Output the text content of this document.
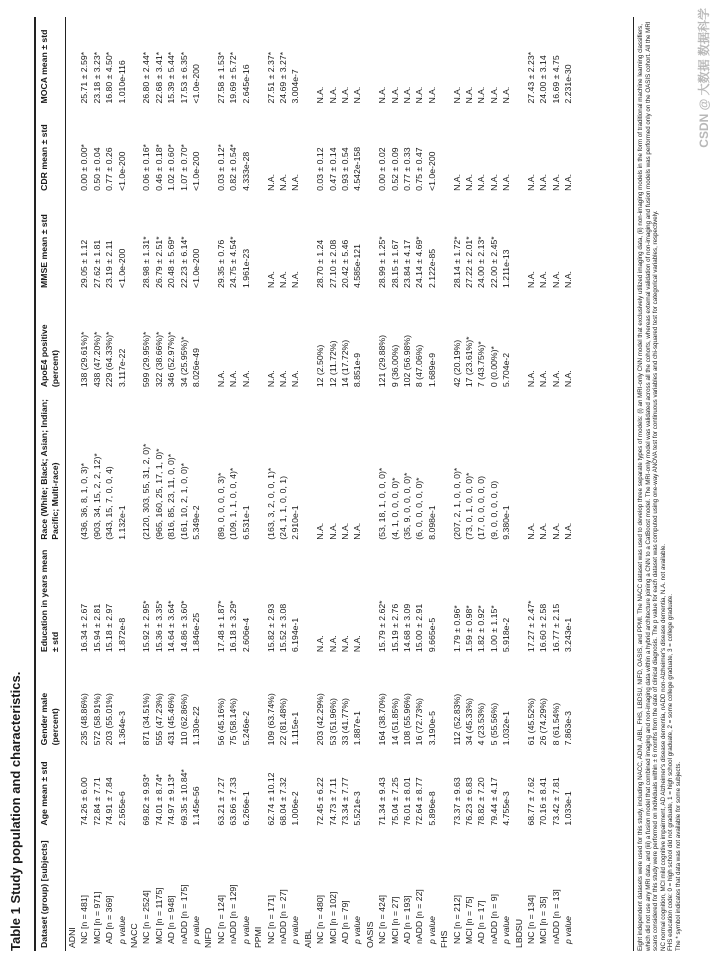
Table 1 Study population and characteristics. Dataset (group) [subjects]	Age mean ± std	Gender male (percent)	Education in years mean ± std	Race (White; Black; Asian; Indian; Pacific; Multi-race)	ApoE4 positive (percent)	MMSE mean ± std	CDR mean ± std	MOCA mean ± std
ADNI								
NC [n = 481]	74.26 ± 6.00	235 (48.86%)	16.34 ± 2.67	(436, 36, 8, 1, 0, 3)*	138 (29.61%)*	29.05 ± 1.12	0.00 ± 0.00*	25.71 ± 2.59*
MCI [n = 971]	72.84 ± 7.71	572 (58.91%)	15.94 ± 2.81	(903, 34, 15, 2, 2, 12)*	438 (47.20%)*	27.62 ± 1.81	0.50 ± 0.04	23.18 ± 3.23*
AD [n = 369]	74.91 ± 7.84	203 (55.01%)	15.18 ± 2.97	(343, 15, 7, 0, 0, 4)	229 (64.33%)*	23.19 ± 2.11	0.77 ± 0.26	16.80 ± 4.50*
p value	2.565e-6	1.364e-3	1.872e-8	1.132e-1	3.117e-22	<1.0e-200	<1.0e-200	1.010e-116
NACC								
NC [n = 2524]	69.82 ± 9.93*	871 (34.51%)	15.92 ± 2.95*	(2120, 303, 55, 31, 2, 0)*	599 (29.95%)*	28.98 ± 1.31*	0.06 ± 0.16*	26.80 ± 2.44*
MCI [n = 1175]	74.01 ± 8.74*	555 (47.23%)	15.36 ± 3.35*	(965, 160, 25, 17, 1, 0)*	322 (38.66%)*	26.79 ± 2.51*	0.46 ± 0.18*	22.68 ± 3.41*
AD [n = 948]	74.97 ± 9.13*	431 (45.46%)	14.64 ± 3.64*	(816, 85, 23, 11, 0, 0)*	346 (52.97%)*	20.48 ± 5.69*	1.02 ± 0.60*	15.39 ± 5.44*
nADD [n = 175]	69.35 ± 10.84*	110 (62.86%)	14.86 ± 3.60*	(161, 10, 2, 1, 0, 0)*	34 (25.95%)*	22.23 ± 6.14*	1.07 ± 0.70*	17.53 ± 6.35*
p value	1.145e-56	1.130e-22	1.846e-25	5.349e-2	8.026e-49	<1.0e-200	<1.0e-200	<1.0e-200
NIFD								
NC [n = 124]	63.21 ± 7.27	56 (45.16%)	17.48 ± 1.87*	(89, 0, 0, 0, 0, 3)*	N.A.	29.35 ± 0.76	0.03 ± 0.12*	27.58 ± 1.53*
nADD [n = 129]	63.66 ± 7.33	75 (58.14%)	16.18 ± 3.29*	(109, 1, 1, 0, 0, 4)*	N.A.	24.75 ± 4.54*	0.82 ± 0.54*	19.69 ± 5.72*
p value	6.266e-1	5.246e-2	2.606e-4	6.531e-1	N.A.	1.961e-23	4.333e-28	2.645e-16
PPMI								
NC [n = 171]	62.74 ± 10.12	109 (63.74%)	15.82 ± 2.93	(163, 3, 2, 0, 0, 1)*	N.A.	N.A.	N.A.	27.51 ± 2.37*
nADD [n = 27]	68.04 ± 7.32	22 (81.48%)	15.52 ± 3.08	(24, 1, 1, 0, 0, 1)	N.A.	N.A.	N.A.	24.69 ± 3.27*
p value	1.006e-2	1.115e-1	6.194e-1	2.910e-1	N.A.	N.A.	N.A.	3.004e-7
AIBL								
NC [n = 480]	72.45 ± 6.22	203 (42.29%)	N.A.	N.A.	12 (2.50%)	28.70 ± 1.24	0.03 ± 0.12	N.A.
MCI [n = 102]	74.73 ± 7.11	53 (51.96%)	N.A.	N.A.	12 (11.72%)	27.10 ± 2.08	0.47 ± 0.14	N.A.
AD [n = 79]	73.34 ± 7.77	33 (41.77%)	N.A.	N.A.	14 (17.72%)	20.42 ± 5.46	0.93 ± 0.54	N.A.
p value	5.521e-3	1.887e-1	N.A.	N.A.	8.851e-9	4.585e-121	4.542e-158	N.A.
OASIS								
NC [n = 424]	71.34 ± 9.43	164 (38.70%)	15.79 ± 2.62*	(53, 18, 1, 0, 0, 0)*	121 (29.88%)	28.99 ± 1.25*	0.00 ± 0.02	N.A.
MCI [n = 27]	75.04 ± 7.25	14 (51.85%)	15.19 ± 2.76	(4, 1, 0, 0, 0, 0)*	9 (36.00%)	28.15 ± 1.67	0.52 ± 0.09	N.A.
AD [n = 193]	76.01 ± 8.01	108 (55.96%)	14.68 ± 3.09	(35, 9, 0, 0, 0, 0)*	102 (56.98%)	23.84 ± 4.17	0.77 ± 0.33	N.A.
nADD [n = 22]	72.64 ± 8.77	16 (72.73%)	15.00 ± 2.91	(6, 0, 0, 0, 0, 0)*	8 (47.06%)	24.14 ± 4.69*	0.75 ± 0.47	N.A.
p value	5.896e-8	3.190e-5	9.665e-5	8.098e-1	1.689e-9	2.122e-85	<1.0e-200	N.A.
FHS								
NC [n = 212]	73.37 ± 9.63	112 (52.83%)	1.79 ± 0.96*	(207, 2, 1, 0, 0, 0)*	42 (20.19%)	28.14 ± 1.72*	N.A.	N.A.
MCI [n = 75]	76.23 ± 6.83	34 (45.33%)	1.59 ± 0.98*	(73, 0, 1, 0, 0, 0)*	17 (23.61%)*	27.22 ± 2.01*	N.A.	N.A.
AD [n = 17]	78.82 ± 7.20	4 (23.53%)	1.82 ± 0.92*	(17, 0, 0, 0, 0, 0)	7 (43.75%)*	24.00 ± 2.13*	N.A.	N.A.
nADD [n = 9]	79.44 ± 4.17	5 (55.56%)	1.00 ± 1.15*	(9, 0, 0, 0, 0, 0)	0 (0.00%)*	22.00 ± 2.45*	N.A.	N.A.
p value	4.755e-3	1.032e-1	5.918e-2	9.380e-1	5.704e-2	1.211e-13	N.A.	N.A.
LBDSU								
NC [n = 134]	68.77 ± 7.62	61 (45.52%)	17.27 ± 2.47*	N.A.	N.A.	N.A.	N.A.	27.43 ± 2.23*
MCI [n = 35]	70.16 ± 8.41	26 (74.29%)	16.60 ± 2.58	N.A.	N.A.	N.A.	N.A.	24.00 ± 3.14
nADD [n = 13]	73.42 ± 7.81	8 (61.54%)	16.77 ± 2.15	N.A.	N.A.	N.A.	N.A.	16.69 ± 4.75
p value	1.033e-1	7.863e-3	3.243e-1	N.A.	N.A.	N.A.	N.A.	2.231e-30	Eight independent datasets were used for this study, including NACC, ADNI, AIBL, FHS, LBDSU, NIFD, OASIS, and PPMI. The NACC dataset was used to develop three separate types of models: (i) an MRI-only CNN model that exclusively utilized imaging data, (ii) non-imaging models in the form of traditional machine learning classifiers, which did not use any MRI data, and (iii) a fusion model that combined imaging and non-imaging data within a hybrid architecture joining a CNN to a CatBoost model. The MRI-only model was validated across all the cohorts, whereas external validation of non-imaging and fusion models was performed only on the OASIS cohort. All the MRI scans considered for this study were performed on individuals within ± 6 months from the date of clinical diagnosis. The p value for each dataset was computed using one-way ANOVA test for continuous variables and chi-squared test for categorical variables, respectively. NC normal cognition, MCI mild cognitive impairment, AD Alzheimer's disease dementia, nADD non-Alzheimer's disease dementia, N.A. not available. FHS education code: 0 = high school did not graduate, 1 = high school graduate, 2 = some college graduate, 3 = college graduate. The * symbol indicates that data was not available for some subjects.
CSDN @ 大数据 数据科学
